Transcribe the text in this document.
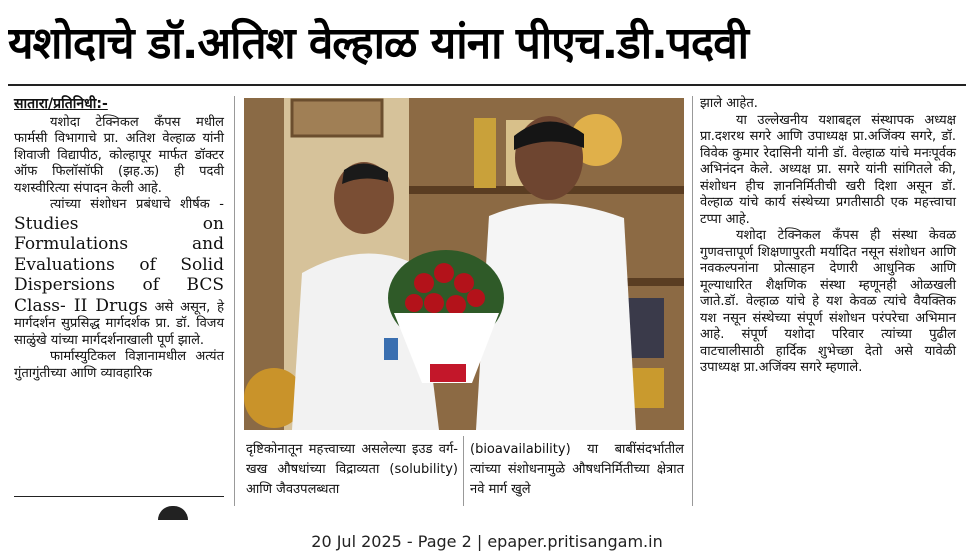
यशोदाचे डॉ.अतिश वेल्हाळ यांना पीएच.डी.पदवी
सातारा/प्रतिनिधी:-

यशोदा टेक्निकल कँपस मधील फार्मसी विभागाचे प्रा. अतिश वेल्हाळ यांनी शिवाजी विद्यापीठ, कोल्हापूर मार्फत डॉक्टर ऑफ फिलॉसॉफी (झह.ऊ) ही पदवी यशस्वीरित्या संपादन केली आहे.

त्यांच्या संशोधन प्रबंधाचे शीर्षक - Studies on Formulations and Evaluations of Solid Dispersions of BCS Class- II Drugs असे असून, हे मार्गदर्शन सुप्रसिद्ध मार्गदर्शक प्रा. डॉ. विजय साळुंखे यांच्या मार्गदर्शनाखाली पूर्ण झाले.

फार्मास्युटिकल विज्ञानामधील अत्यंत गुंतागुंतीच्या आणि व्यावहारिक

दृष्टिकोनातून महत्त्वाच्या असलेल्या इउड वर्ग-खख औषधांच्या विद्राव्यता (solubility) आणि जैवउपलब्धता

(bioavailability) या बाबींसंदर्भातील त्यांच्या संशोधनामुळे औषधनिर्मितीच्या क्षेत्रात नवे मार्ग खुले

झाले आहेत.

या उल्लेखनीय यशाबद्दल संस्थापक अध्यक्ष प्रा.दशरथ सगरे आणि उपाध्यक्ष प्रा.अजिंक्य सगरे, डॉ. विवेक कुमार रेदासिनी यांनी डॉ. वेल्हाळ यांचे मनःपूर्वक अभिनंदन केले. अध्यक्ष प्रा. सगरे यांनी सांगितले की, संशोधन हीच ज्ञाननिर्मितीची खरी दिशा असून डॉ. वेल्हाळ यांचे कार्य संस्थेच्या प्रगतीसाठी एक महत्त्वाचा टप्पा आहे.

यशोदा टेक्निकल कँपस ही संस्था केवळ गुणवत्तापूर्ण शिक्षणापुरती मर्यादित नसून संशोधन आणि नवकल्पनांना प्रोत्साहन देणारी आधुनिक आणि मूल्याधारित शैक्षणिक संस्था म्हणूनही ओळखली जाते.डॉ. वेल्हाळ यांचे हे यश केवळ त्यांचे वैयक्तिक यश नसून संस्थेच्या संपूर्ण संशोधन परंपरेचा अभिमान आहे. संपूर्ण यशोदा परिवार त्यांच्या पुढील वाटचालीसाठी हार्दिक शुभेच्छा देतो असे यावेळी उपाध्यक्ष प्रा.अजिंक्य सगरे म्हणाले.

20 Jul 2025 - Page 2 | epaper.pritisangam.in
